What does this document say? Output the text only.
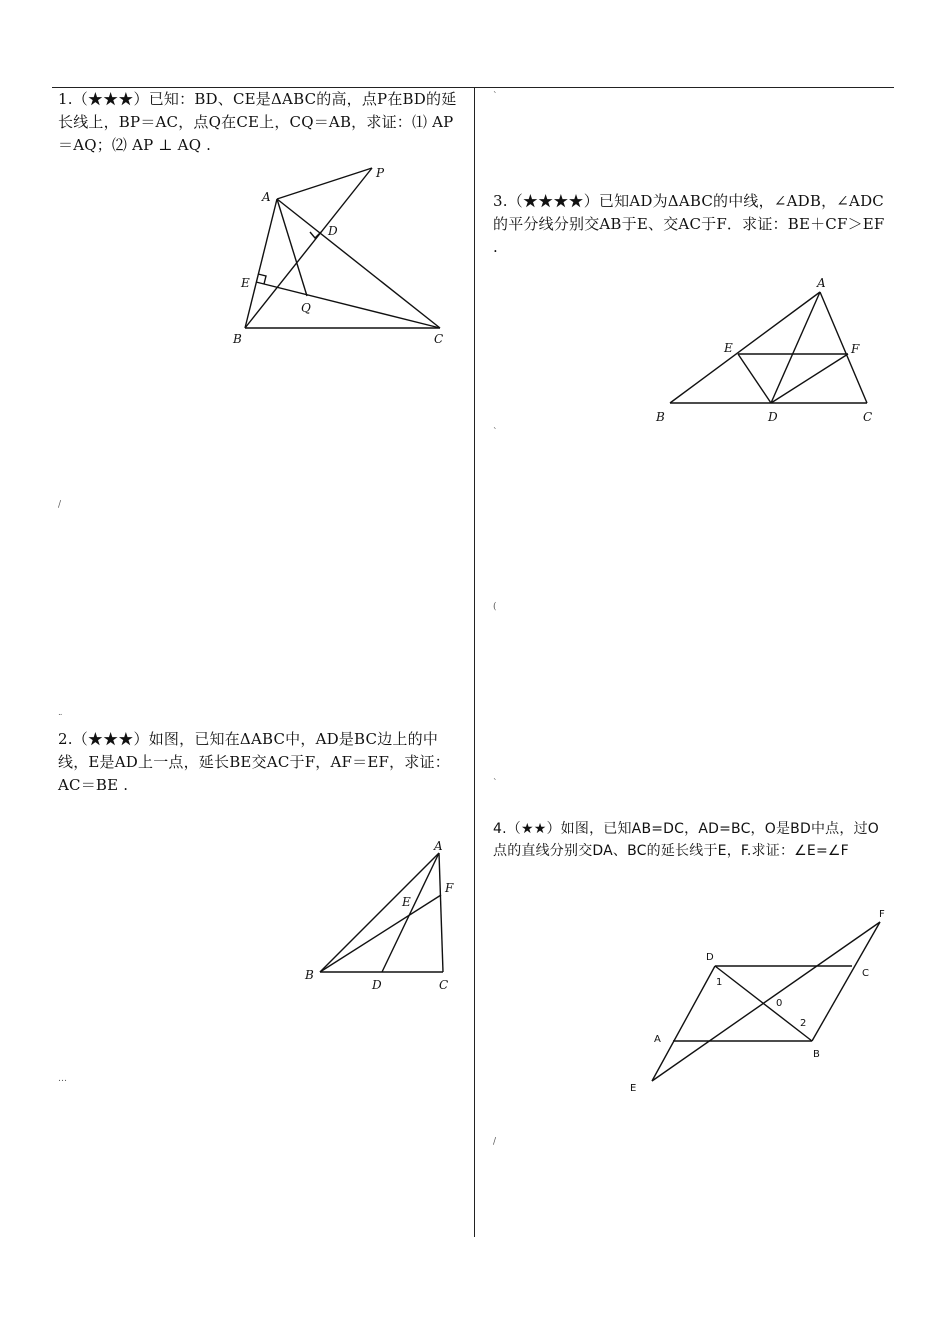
1.（★★★）已知：BD、CE是ΔABC的高，点P在BD的延长线上，BP＝AC，点Q在CE上，CQ＝AB，求证：⑴ AP＝AQ；⑵ AP ⊥ AQ .
2.（★★★）如图，已知在ΔABC中，AD是BC边上的中线，E是AD上一点，延长BE交AC于F，AF＝EF，求证：AC＝BE .
3.（★★★★）已知AD为ΔABC的中线，∠ADB，∠ADC的平分线分别交AB于E、交AC于F．求证：BE＋CF＞EF .
4.（★★）如图，已知AB=DC，AD=BC，O是BD中点，过O点的直线分别交DA、BC的延长线于E，F.求证：∠E=∠F
`
/
¨
…
`
(
`
/
A
P
D
E
Q
B	C
A
F
E
B
D	C
A
E	F
B	D	C
F
D
C
1
0
2
A
B
E
